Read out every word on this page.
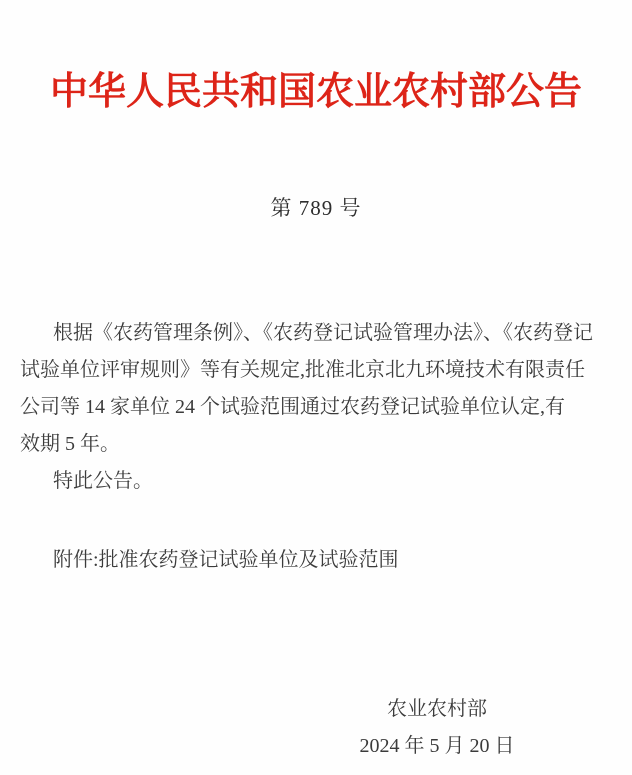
中华人民共和国农业农村部公告
第 789 号
根据《农药管理条例》、《农药登记试验管理办法》、《农药登记
试验单位评审规则》等有关规定,批准北京北九环境技术有限责任
公司等 14 家单位 24 个试验范围通过农药登记试验单位认定,有
效期 5 年。
特此公告。
附件:批准农药登记试验单位及试验范围
农业农村部
2024 年 5 月 20 日
